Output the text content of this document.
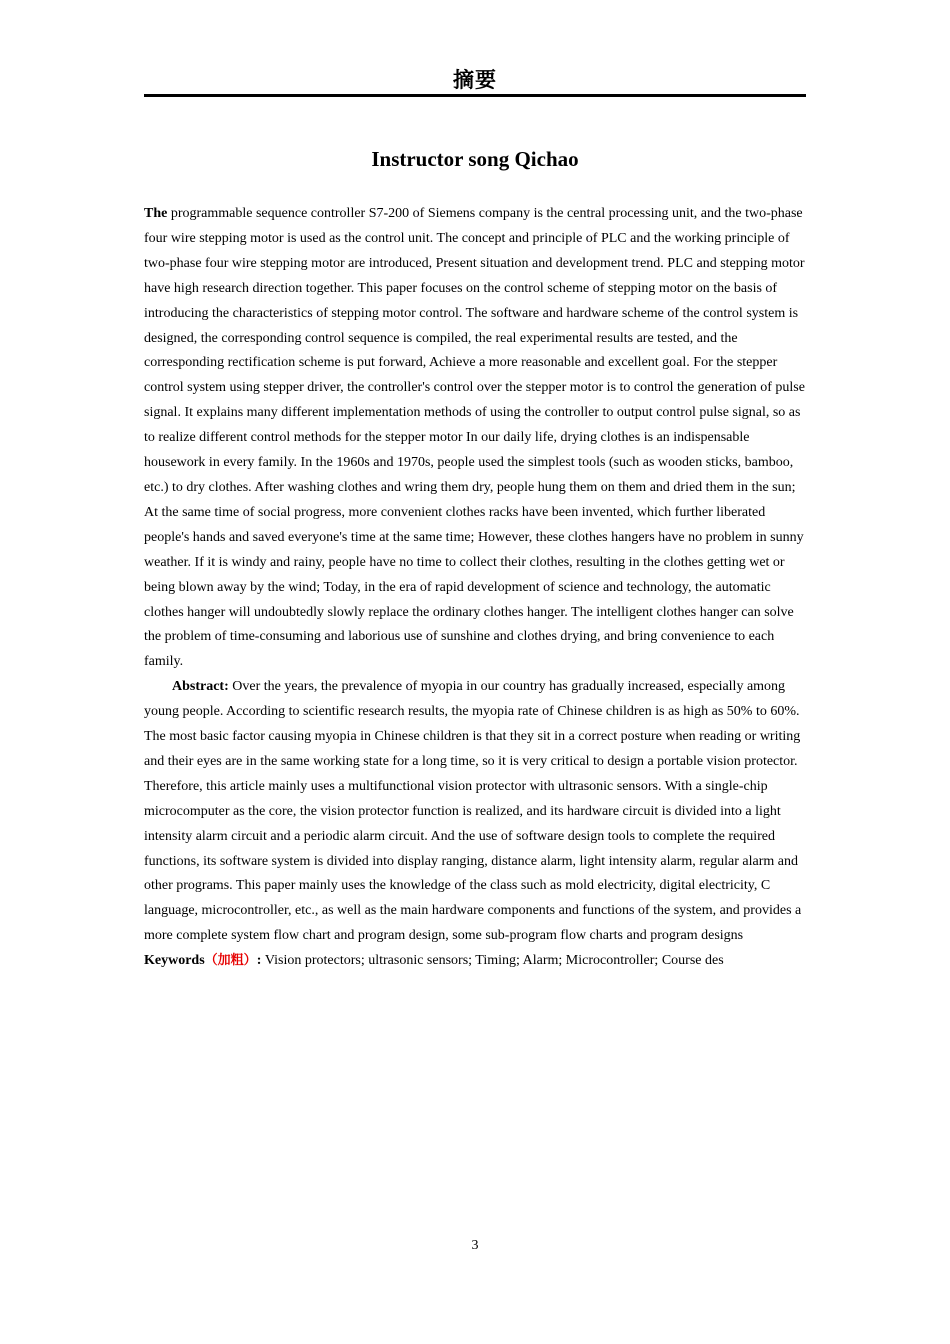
摘要
Instructor song Qichao

The programmable sequence controller S7-200 of Siemens company is the central processing unit, and the two-phase four wire stepping motor is used as the control unit. The concept and principle of PLC and the working principle of two-phase four wire stepping motor are introduced, Present situation and development trend. PLC and stepping motor have high research direction together. This paper focuses on the control scheme of stepping motor on the basis of introducing the characteristics of stepping motor control. The software and hardware scheme of the control system is designed, the corresponding control sequence is compiled, the real experimental results are tested, and the corresponding rectification scheme is put forward, Achieve a more reasonable and excellent goal. For the stepper control system using stepper driver, the controller's control over the stepper motor is to control the generation of pulse signal. It explains many different implementation methods of using the controller to output control pulse signal, so as to realize different control methods for the stepper motor In our daily life, drying clothes is an indispensable housework in every family. In the 1960s and 1970s, people used the simplest tools (such as wooden sticks, bamboo, etc.) to dry clothes. After washing clothes and wring them dry, people hung them on them and dried them in the sun; At the same time of social progress, more convenient clothes racks have been invented, which further liberated people's hands and saved everyone's time at the same time; However, these clothes hangers have no problem in sunny weather. If it is windy and rainy, people have no time to collect their clothes, resulting in the clothes getting wet or being blown away by the wind; Today, in the era of rapid development of science and technology, the automatic clothes hanger will undoubtedly slowly replace the ordinary clothes hanger. The intelligent clothes hanger can solve the problem of time-consuming and laborious use of sunshine and clothes drying, and bring convenience to each family.

Abstract: Over the years, the prevalence of myopia in our country has gradually increased, especially among young people. According to scientific research results, the myopia rate of Chinese children is as high as 50% to 60%. The most basic factor causing myopia in Chinese children is that they sit in a correct posture when reading or writing and their eyes are in the same working state for a long time, so it is very critical to design a portable vision protector. Therefore, this article mainly uses a multifunctional vision protector with ultrasonic sensors. With a single-chip microcomputer as the core, the vision protector function is realized, and its hardware circuit is divided into a light intensity alarm circuit and a periodic alarm circuit. And the use of software design tools to complete the required functions, its software system is divided into display ranging, distance alarm, light intensity alarm, regular alarm and other programs. This paper mainly uses the knowledge of the class such as mold electricity, digital electricity, C language, microcontroller, etc., as well as the main hardware components and functions of the system, and provides a more complete system flow chart and program design, some sub-program flow charts and program designs

Keywords（加粗）: Vision protectors; ultrasonic sensors; Timing; Alarm; Microcontroller; Course des

3
